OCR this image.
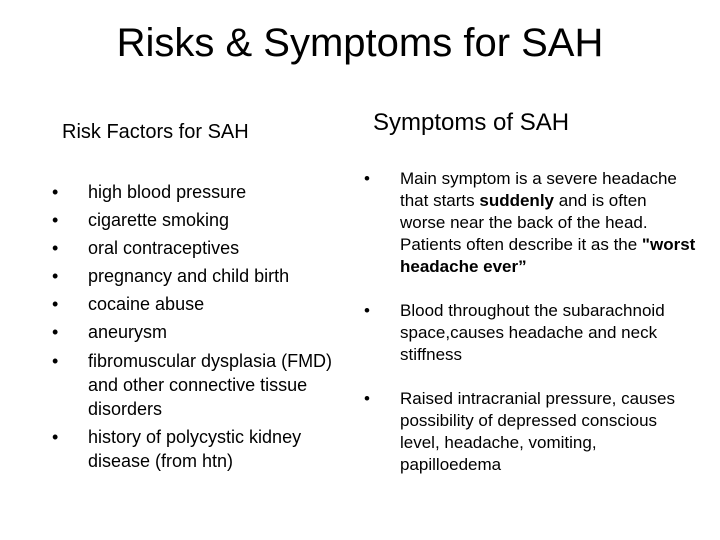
Risks & Symptoms for SAH
Risk Factors for SAH	Symptoms of SAH
• high blood pressure
• cigarette smoking
• oral contraceptives
• pregnancy and child birth
• cocaine abuse
• aneurysm
• fibromuscular dysplasia (FMD) and other connective tissue disorders
• history of polycystic kidney disease (from htn)
• Main symptom is a severe headache that starts suddenly and is often worse near the back of the head. Patients often describe it as the "worst headache ever”
• Blood throughout the subarachnoid space,causes headache and neck stiffness
• Raised intracranial pressure, causes possibility of depressed conscious level, headache, vomiting, papilloedema
